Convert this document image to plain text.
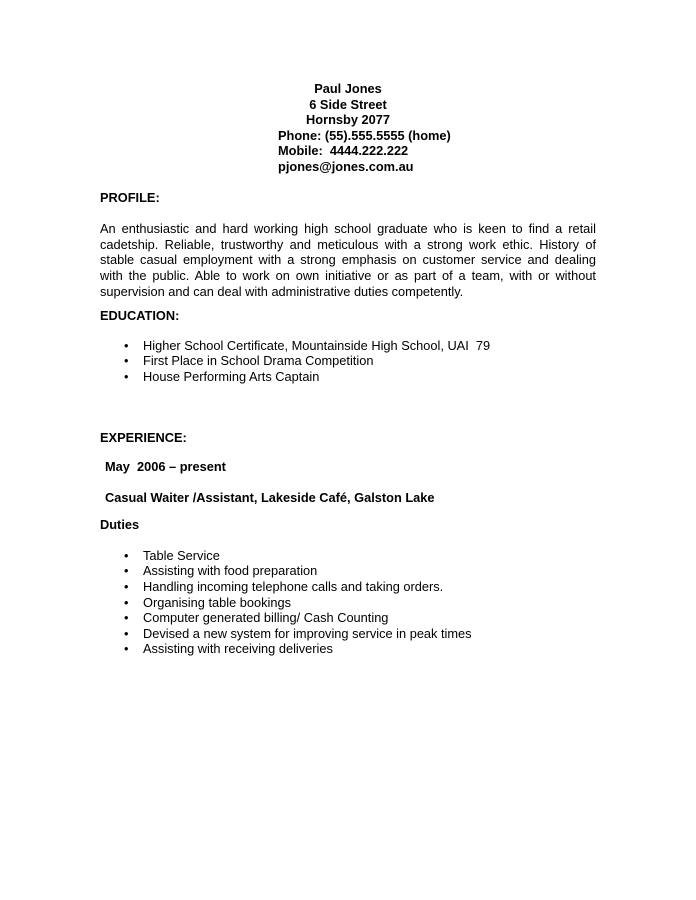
Paul Jones
6 Side Street
Hornsby 2077
Phone: (55).555.5555 (home)
Mobile:  4444.222.222
pjones@jones.com.au
PROFILE:

An enthusiastic and hard working high school graduate who is keen to find a retail cadetship. Reliable, trustworthy and meticulous with a strong work ethic. History of stable casual employment with a strong emphasis on customer service and dealing with the public. Able to work on own initiative or as part of a team, with or without supervision and can deal with administrative duties competently.

EDUCATION:
• Higher School Certificate, Mountainside High School, UAI  79
• First Place in School Drama Competition
• House Performing Arts Captain
EXPERIENCE:
May  2006 – present
Casual Waiter /Assistant, Lakeside Café, Galston Lake
Duties
• Table Service
• Assisting with food preparation
• Handling incoming telephone calls and taking orders.
• Organising table bookings
• Computer generated billing/ Cash Counting
• Devised a new system for improving service in peak times
• Assisting with receiving deliveries
